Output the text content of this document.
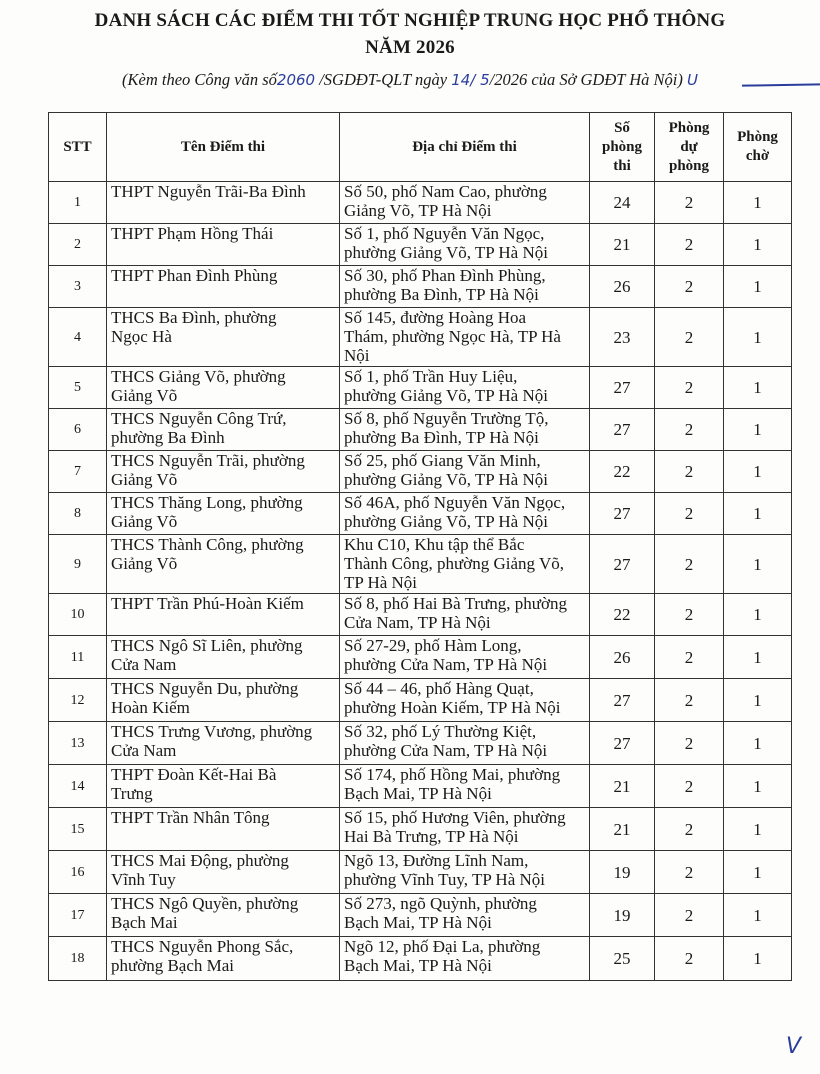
DANH SÁCH CÁC ĐIỂM THI TỐT NGHIỆP TRUNG HỌC PHỔ THÔNG
NĂM 2026
(Kèm theo Công văn số2060 /SGDĐT-QLT ngày 14/ 5/2026 của Sở GDĐT Hà Nội) U
STT	Tên Điểm thi	Địa chỉ Điểm thi	Số
phòng
thi	Phòng
dự
phòng	Phòng
chờ
1	THPT Nguyễn Trãi-Ba Đình	Số 50, phố Nam Cao, phường
Giảng Võ, TP Hà Nội	24	2	1
2	THPT Phạm Hồng Thái	Số 1, phố Nguyễn Văn Ngọc,
phường Giảng Võ, TP Hà Nội	21	2	1
3	THPT Phan Đình Phùng	Số 30, phố Phan Đình Phùng,
phường Ba Đình, TP Hà Nội	26	2	1
4	THCS Ba Đình, phường
Ngọc Hà	Số 145, đường Hoàng Hoa
Thám, phường Ngọc Hà, TP Hà
Nội	23	2	1
5	THCS Giảng Võ, phường
Giảng Võ	Số 1, phố Trần Huy Liệu,
phường Giảng Võ, TP Hà Nội	27	2	1
6	THCS Nguyễn Công Trứ,
phường Ba Đình	Số 8, phố Nguyễn Trường Tộ,
phường Ba Đình, TP Hà Nội	27	2	1
7	THCS Nguyễn Trãi, phường
Giảng Võ	Số 25, phố Giang Văn Minh,
phường Giảng Võ, TP Hà Nội	22	2	1
8	THCS Thăng Long, phường
Giảng Võ	Số 46A, phố Nguyễn Văn Ngọc,
phường Giảng Võ, TP Hà Nội	27	2	1
9	THCS Thành Công, phường
Giảng Võ	Khu C10, Khu tập thể Bắc
Thành Công, phường Giảng Võ,
TP Hà Nội	27	2	1
10	THPT Trần Phú-Hoàn Kiếm	Số 8, phố Hai Bà Trưng, phường
Cửa Nam, TP Hà Nội	22	2	1
11	THCS Ngô Sĩ Liên, phường
Cửa Nam	Số 27-29, phố Hàm Long,
phường Cửa Nam, TP Hà Nội	26	2	1
12	THCS Nguyễn Du, phường
Hoàn Kiếm	Số 44 – 46, phố Hàng Quạt,
phường Hoàn Kiếm, TP Hà Nội	27	2	1
13	THCS Trưng Vương, phường
Cửa Nam	Số 32, phố Lý Thường Kiệt,
phường Cửa Nam, TP Hà Nội	27	2	1
14	THPT Đoàn Kết-Hai Bà
Trưng	Số 174, phố Hồng Mai, phường
Bạch Mai, TP Hà Nội	21	2	1
15	THPT Trần Nhân Tông	Số 15, phố Hương Viên, phường
Hai Bà Trưng, TP Hà Nội	21	2	1
16	THCS Mai Động, phường
Vĩnh Tuy	Ngõ 13, Đường Lĩnh Nam,
phường Vĩnh Tuy, TP Hà Nội	19	2	1
17	THCS Ngô Quyền, phường
Bạch Mai	Số 273, ngõ Quỳnh, phường
Bạch Mai, TP Hà Nội	19	2	1
18	THCS Nguyễn Phong Sắc,
phường Bạch Mai	Ngõ 12, phố Đại La, phường
Bạch Mai, TP Hà Nội	25	2	1
V
